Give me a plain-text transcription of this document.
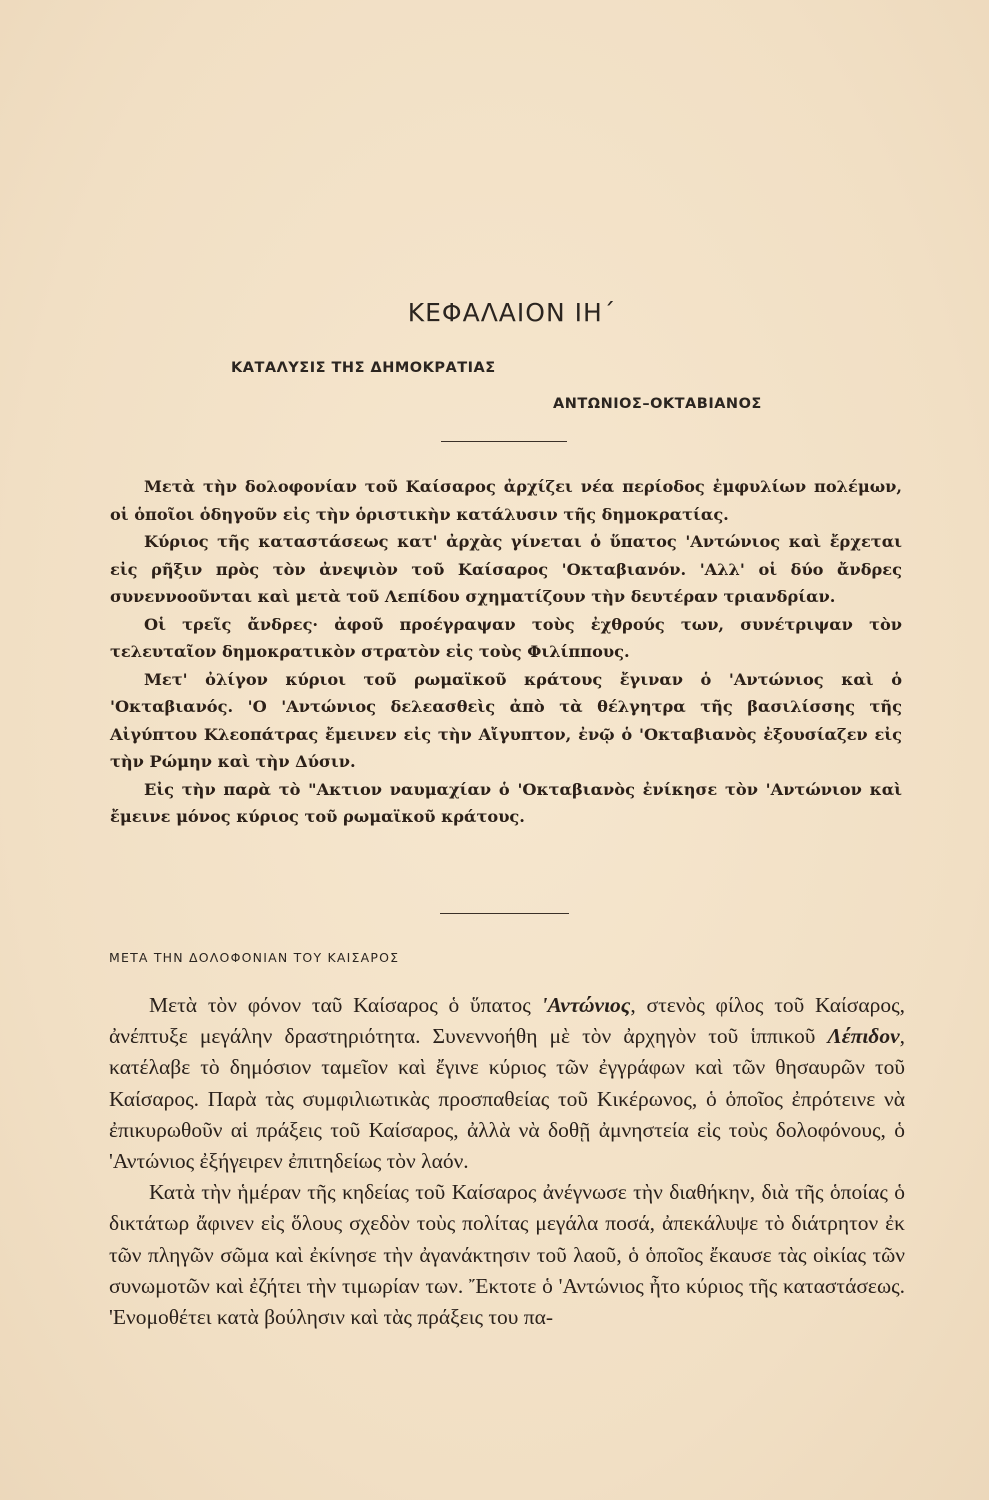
ΚΕΦΑΛΑΙΟΝ ΙΗ΄
ΚΑΤΑΛΥΣΙΣ ΤΗΣ ΔΗΜΟΚΡΑΤΙΑΣ
ΑΝΤΩΝΙΟΣ–ΟΚΤΑΒΙΑΝΟΣ

Μετὰ τὴν δολοφονίαν τοῦ Καίσαρος ἀρχίζει νέα περίοδος ἐμφυλίων πολέμων, οἱ ὁποῖοι ὁδηγοῦν εἰς τὴν ὁριστικὴν κατάλυσιν τῆς δημοκρατίας.

Κύριος τῆς καταστάσεως κατ' ἀρχὰς γίνεται ὁ ὕπατος 'Αντώνιος καὶ ἔρχεται εἰς ρῆξιν πρὸς τὸν ἀνεψιὸν τοῦ Καίσαρος 'Οκταβιανόν. 'Αλλ' οἱ δύο ἄνδρες συνεννοοῦνται καὶ μετὰ τοῦ Λεπίδου σχηματίζουν τὴν δευτέραν τριανδρίαν.

Οἱ τρεῖς ἄνδρες· ἀφοῦ προέγραψαν τοὺς ἐχθρούς των, συνέτριψαν τὸν τελευταῖον δημοκρατικὸν στρατὸν εἰς τοὺς Φιλίππους.

Μετ' ὀλίγον κύριοι τοῦ ρωμαϊκοῦ κράτους ἔγιναν ὁ 'Αντώνιος καὶ ὁ 'Οκταβιανός. 'Ο 'Αντώνιος δελεασθεὶς ἀπὸ τὰ θέλγητρα τῆς βασιλίσσης τῆς Αἰγύπτου Κλεοπάτρας ἔμεινεν εἰς τὴν Αἴγυπτον, ἐνῷ ὁ 'Οκταβιανὸς ἐξουσίαζεν εἰς τὴν Ρώμην καὶ τὴν Δύσιν.

Εἰς τὴν παρὰ τὸ "Ακτιον ναυμαχίαν ὁ 'Οκταβιανὸς ἐνίκησε τὸν 'Αντώνιον καὶ ἔμεινε μόνος κύριος τοῦ ρωμαϊκοῦ κράτους.

ΜΕΤΑ ΤΗΝ ΔΟΛΟΦΟΝΙΑΝ ΤΟΥ ΚΑΙΣΑΡΟΣ

Μετὰ τὸν φόνον ταῦ Καίσαρος ὁ ὕπατος 'Αντώνιος, στενὸς φίλος τοῦ Καίσαρος, ἀνέπτυξε μεγάλην δραστηριότητα. Συνεννοήθη μὲ τὸν ἀρχηγὸν τοῦ ἱππικοῦ Λέπιδον, κατέλαβε τὸ δημόσιον ταμεῖον καὶ ἔγινε κύριος τῶν ἐγγράφων καὶ τῶν θησαυρῶν τοῦ Καίσαρος. Παρὰ τὰς συμφιλιωτικὰς προσπαθείας τοῦ Κικέρωνος, ὁ ὁποῖος ἐπρότεινε νὰ ἐπικυρωθοῦν αἱ πράξεις τοῦ Καίσαρος, ἀλλὰ νὰ δοθῇ ἀμνηστεία εἰς τοὺς δολοφόνους, ὁ 'Αντώνιος ἐξήγειρεν ἐπιτηδείως τὸν λαόν.

Κατὰ τὴν ἡμέραν τῆς κηδείας τοῦ Καίσαρος ἀνέγνωσε τὴν διαθήκην, διὰ τῆς ὁποίας ὁ δικτάτωρ ἄφινεν εἰς ὅλους σχεδὸν τοὺς πολίτας μεγάλα ποσά, ἀπεκάλυψε τὸ διάτρητον ἐκ τῶν πληγῶν σῶμα καὶ ἐκίνησε τὴν ἀγανάκτησιν τοῦ λαοῦ, ὁ ὁποῖος ἔκαυσε τὰς οἰκίας τῶν συνωμοτῶν καὶ ἐζήτει τὴν τιμωρίαν των. Ἔκτοτε ὁ 'Αντώνιος ἦτο κύριος τῆς καταστάσεως. 'Ενομοθέτει κατὰ βούλησιν καὶ τὰς πράξεις του πα-
